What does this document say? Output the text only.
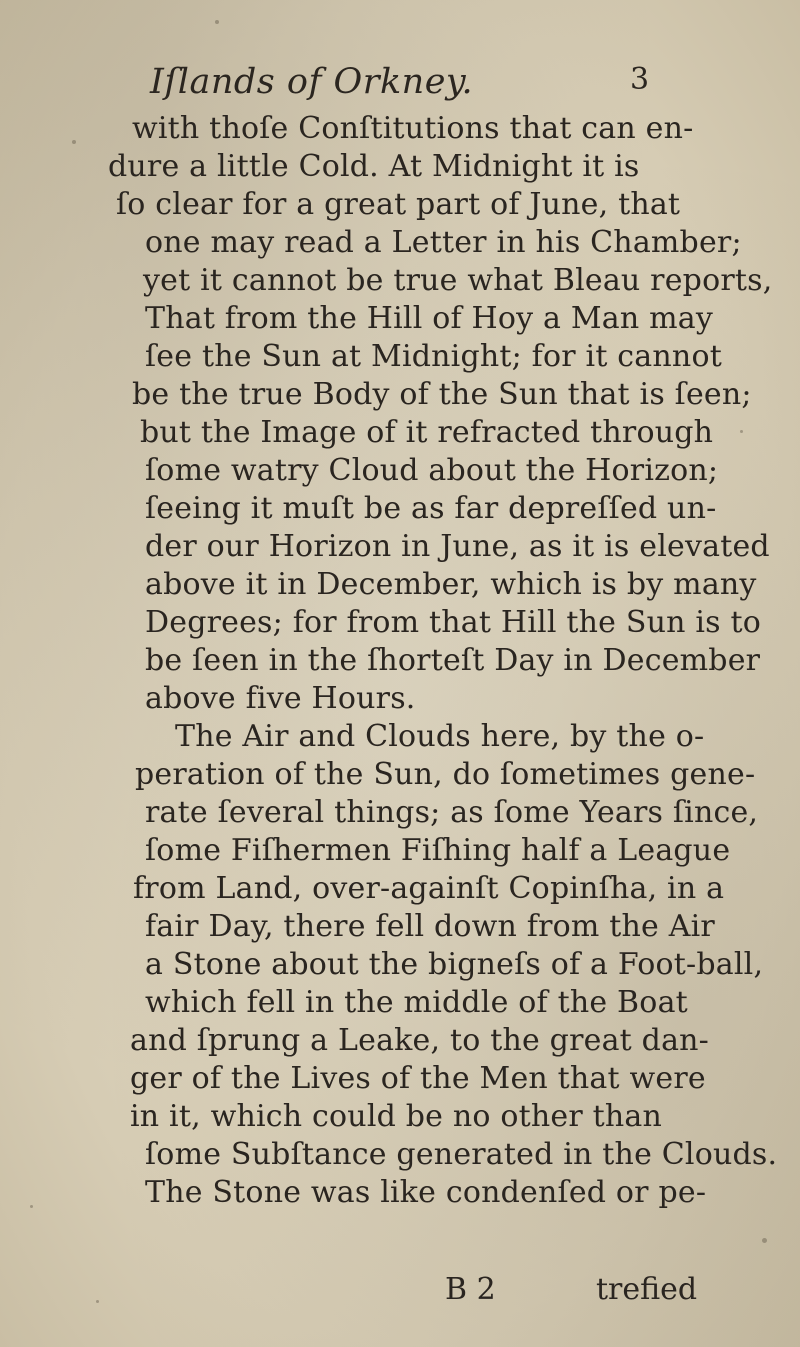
Iſlands of Orkney.	3
with thoſe Conſtitutions that can en-
dure a little Cold. At Midnight it is
ſo clear for a great part of June, that
one may read a Letter in his Chamber;
yet it cannot be true what Bleau reports,
That from the Hill of Hoy a Man may
ſee the Sun at Midnight; for it cannot
be the true Body of the Sun that is ſeen;
but the Image of it refracted through
ſome watry Cloud about the Horizon;
ſeeing it muſt be as far depreſſed un-
der our Horizon in June, as it is elevated
above it in December, which is by many
Degrees; for from that Hill the Sun is to
be ſeen in the ſhorteſt Day in December
above five Hours.
The Air and Clouds here, by the o-
peration of the Sun, do ſometimes gene-
rate ſeveral things; as ſome Years ſince,
ſome Fiſhermen Fiſhing half a League
from Land, over-againſt Copinſha, in a
fair Day, there fell down from the Air
a Stone about the bigneſs of a Foot-ball,
which fell in the middle of the Boat
and ſprung a Leake, to the great dan-
ger of the Lives of the Men that were
in it, which could be no other than
ſome Subſtance generated in the Clouds.
The Stone was like condenſed or pe-
B 2	trefied
